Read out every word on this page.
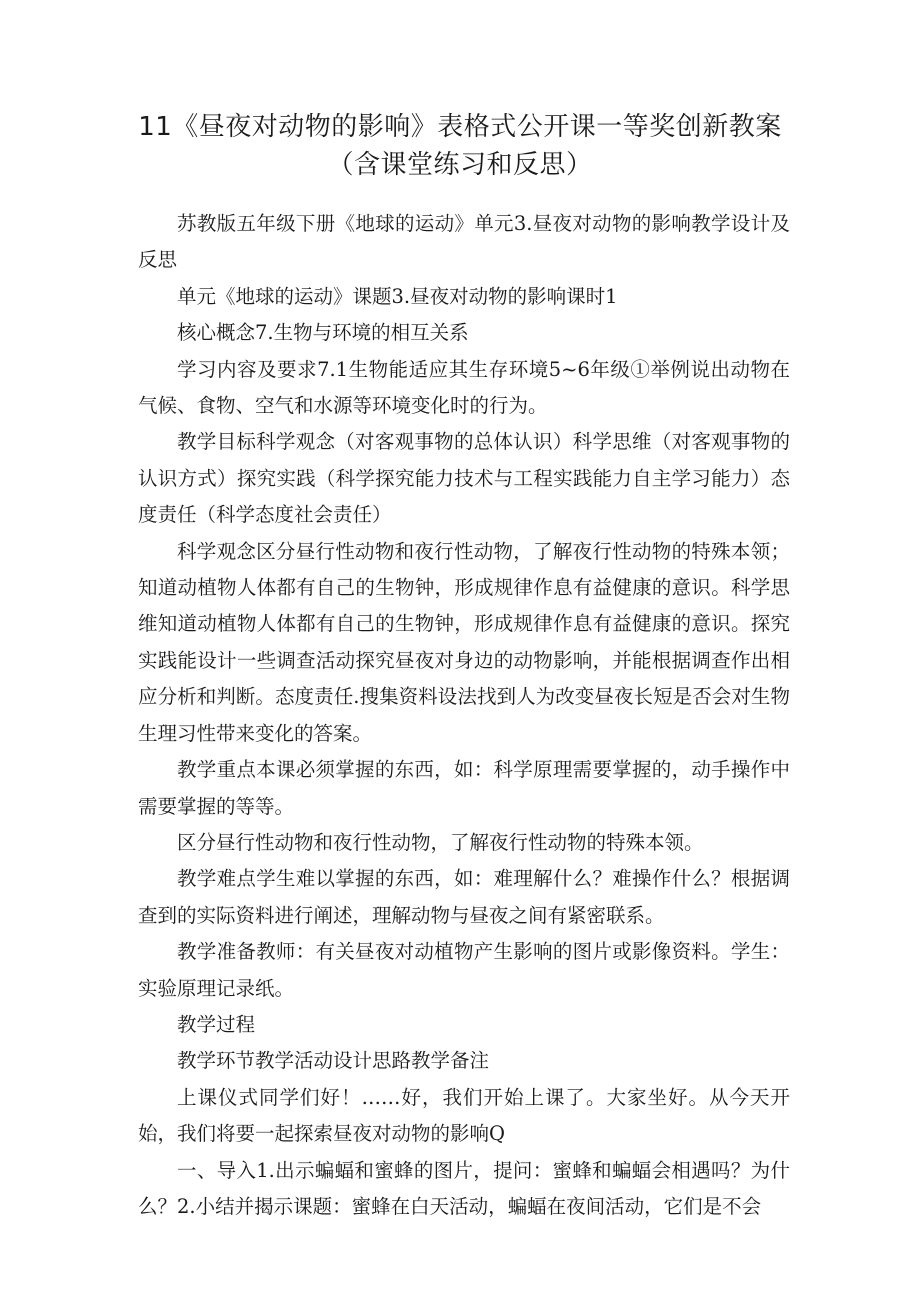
11《昼夜对动物的影响》表格式公开课一等奖创新教案（含课堂练习和反思）

苏教版五年级下册《地球的运动》单元3.昼夜对动物的影响教学设计及反思

单元《地球的运动》课题3.昼夜对动物的影响课时1

核心概念7.生物与环境的相互关系

学习内容及要求7.1生物能适应其生存环境5~6年级①举例说出动物在气候、食物、空气和水源等环境变化时的行为。

教学目标科学观念（对客观事物的总体认识）科学思维（对客观事物的认识方式）探究实践（科学探究能力技术与工程实践能力自主学习能力）态度责任（科学态度社会责任）

科学观念区分昼行性动物和夜行性动物，了解夜行性动物的特殊本领；知道动植物人体都有自己的生物钟，形成规律作息有益健康的意识。科学思维知道动植物人体都有自己的生物钟，形成规律作息有益健康的意识。探究实践能设计一些调查活动探究昼夜对身边的动物影响，并能根据调查作出相应分析和判断。态度责任.搜集资料设法找到人为改变昼夜长短是否会对生物生理习性带来变化的答案。

教学重点本课必须掌握的东西，如：科学原理需要掌握的，动手操作中需要掌握的等等。

区分昼行性动物和夜行性动物，了解夜行性动物的特殊本领。

教学难点学生难以掌握的东西，如：难理解什么？难操作什么？根据调查到的实际资料进行阐述，理解动物与昼夜之间有紧密联系。

教学准备教师：有关昼夜对动植物产生影响的图片或影像资料。学生：实验原理记录纸。

教学过程

教学环节教学活动设计思路教学备注

上课仪式同学们好！……好，我们开始上课了。大家坐好。从今天开始，我们将要一起探索昼夜对动物的影响Q

一、导入1.出示蝙蝠和蜜蜂的图片，提问：蜜蜂和蝙蝠会相遇吗？为什么？2.小结并揭示课题：蜜蜂在白天活动，蝙蝠在夜间活动，它们是不会
